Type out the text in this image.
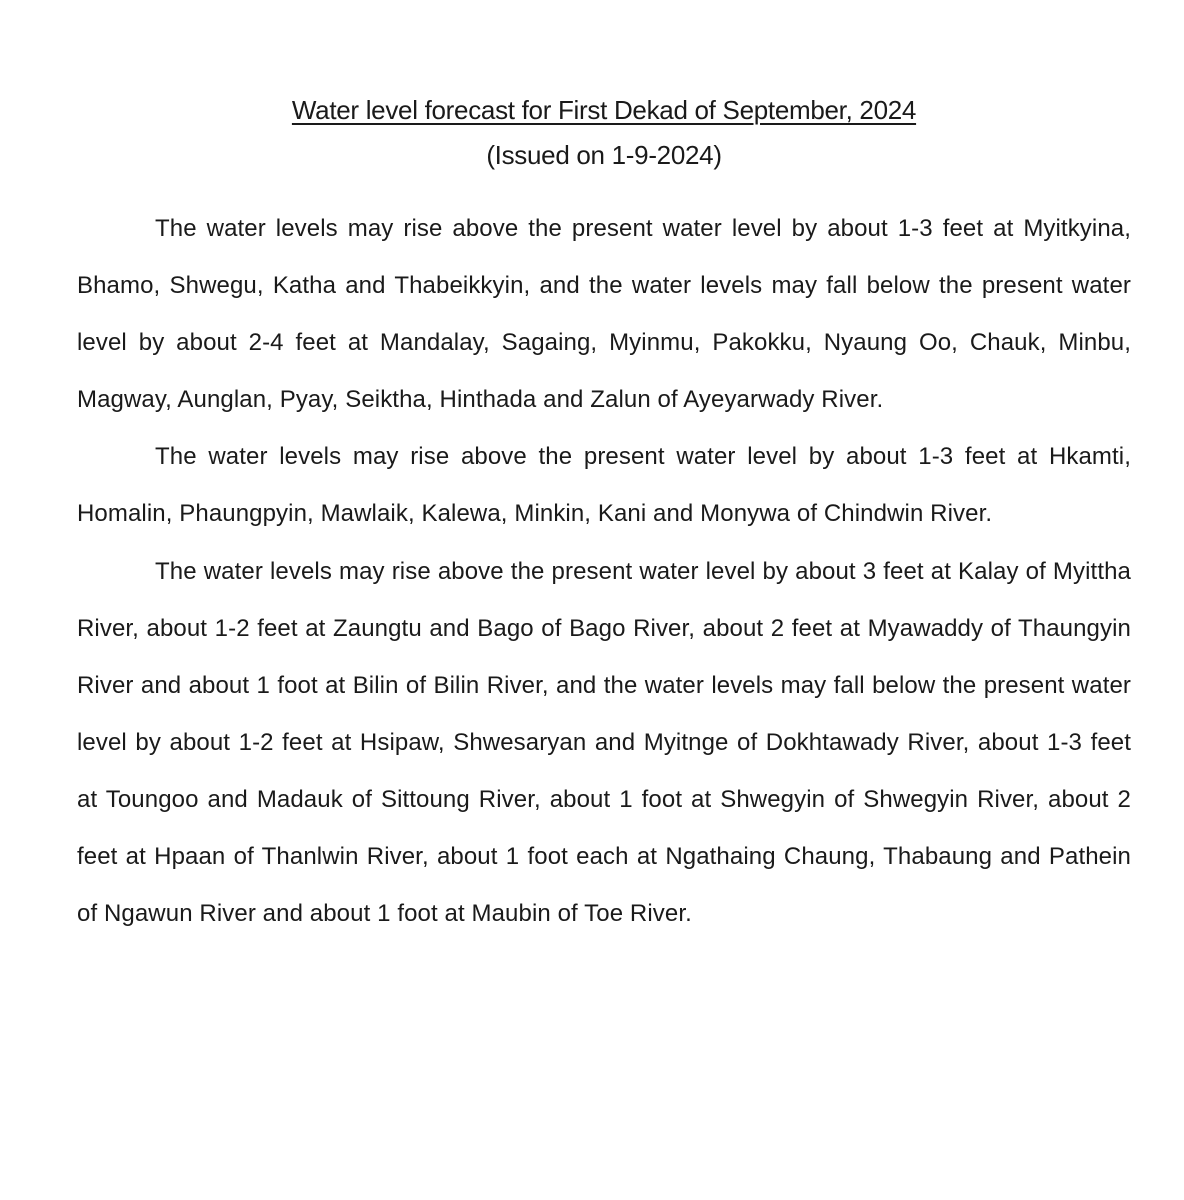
Water level forecast for First Dekad of September, 2024
(Issued on 1-9-2024)

The water levels may rise above the present water level by about 1-3 feet at Myitkyina, Bhamo, Shwegu, Katha and Thabeikkyin, and the water levels may fall below the present water level by about 2-4 feet at Mandalay, Sagaing, Myinmu, Pakokku, Nyaung Oo, Chauk, Minbu, Magway, Aunglan, Pyay, Seiktha, Hinthada and Zalun of Ayeyarwady River.

The water levels may rise above the present water level by about 1-3 feet at Hkamti, Homalin, Phaungpyin, Mawlaik, Kalewa, Minkin, Kani and Monywa of Chindwin River.

The water levels may rise above the present water level by about 3 feet at Kalay of Myittha River, about 1-2 feet at Zaungtu and Bago of Bago River, about 2 feet at Myawaddy of Thaungyin River and about 1 foot at Bilin of Bilin River, and the water levels may fall below the present water level by about 1-2 feet at Hsipaw, Shwesaryan and Myitnge of Dokhtawady River, about 1-3 feet at Toungoo and Madauk of Sittoung River, about 1 foot at Shwegyin of Shwegyin River, about 2 feet at Hpaan of Thanlwin River, about 1 foot each at Ngathaing Chaung, Thabaung and Pathein of Ngawun River and about 1 foot at Maubin of Toe River.
